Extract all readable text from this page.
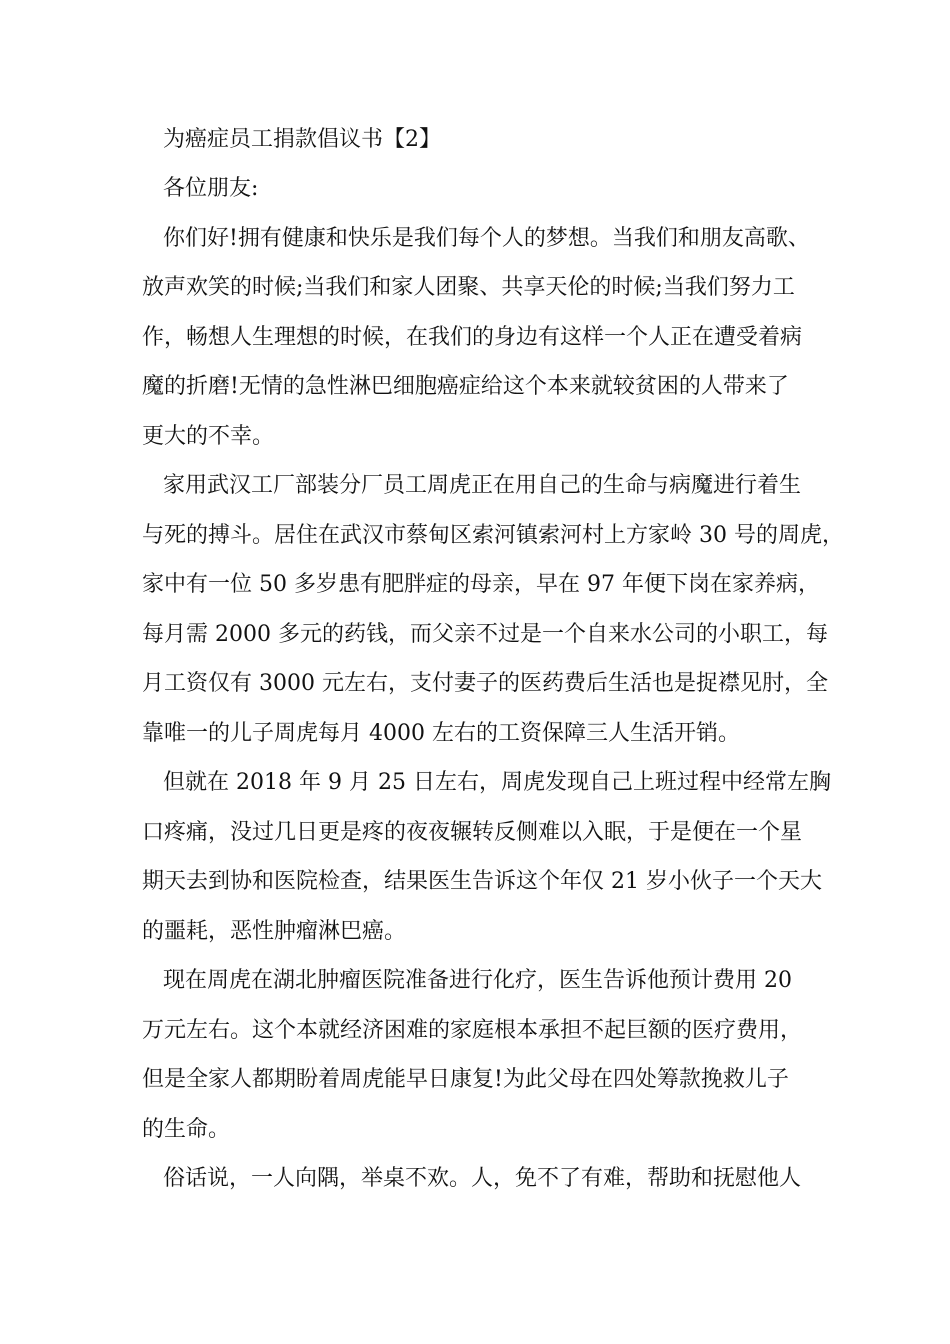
为癌症员工捐款倡议书【2】
各位朋友:
你们好!拥有健康和快乐是我们每个人的梦想。当我们和朋友高歌、
放声欢笑的时候;当我们和家人团聚、共享天伦的时候;当我们努力工
作，畅想人生理想的时候，在我们的身边有这样一个人正在遭受着病
魔的折磨!无情的急性淋巴细胞癌症给这个本来就较贫困的人带来了
更大的不幸。
家用武汉工厂部装分厂员工周虎正在用自己的生命与病魔进行着生
与死的搏斗。居住在武汉市蔡甸区索河镇索河村上方家岭 30 号的周虎，
家中有一位 50 多岁患有肥胖症的母亲，早在 97 年便下岗在家养病，
每月需 2000 多元的药钱，而父亲不过是一个自来水公司的小职工，每
月工资仅有 3000 元左右，支付妻子的医药费后生活也是捉襟见肘，全
靠唯一的儿子周虎每月 4000 左右的工资保障三人生活开销。
但就在 2018 年 9 月 25 日左右，周虎发现自己上班过程中经常左胸
口疼痛，没过几日更是疼的夜夜辗转反侧难以入眠，于是便在一个星
期天去到协和医院检查，结果医生告诉这个年仅 21 岁小伙子一个天大
的噩耗，恶性肿瘤淋巴癌。
现在周虎在湖北肿瘤医院准备进行化疗，医生告诉他预计费用 20
万元左右。这个本就经济困难的家庭根本承担不起巨额的医疗费用，
但是全家人都期盼着周虎能早日康复!为此父母在四处筹款挽救儿子
的生命。
俗话说，一人向隅，举桌不欢。人，免不了有难，帮助和抚慰他人
